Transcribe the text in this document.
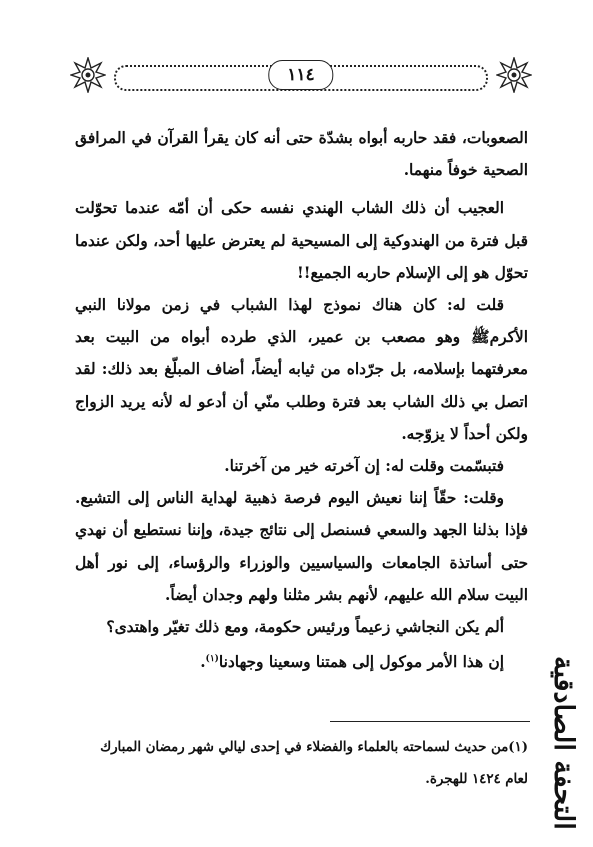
١١٤

الصعوبات، فقد حاربه أبواه بشدّة حتى أنه كان يقرأ القرآن في المرافق الصحية خوفاً منهما.

العجيب أن ذلك الشاب الهندي نفسه حكى أن أمّه عندما تحوّلت قبل فترة من الهندوكية إلى المسيحية لم يعترض عليها أحد، ولكن عندما تحوّل هو إلى الإسلام حاربه الجميع!!

قلت له: كان هناك نموذج لهذا الشباب في زمن مولانا النبي الأكرمﷺ وهو مصعب بن عمير، الذي طرده أبواه من البيت بعد معرفتهما بإسلامه، بل جرّداه من ثيابه أيضاً، أضاف المبلّغ بعد ذلك: لقد اتصل بي ذلك الشاب بعد فترة وطلب منّي أن أدعو له لأنه يريد الزواج ولكن أحداً لا يزوّجه.

فتبسّمت وقلت له: إن آخرته خير من آخرتنا.

وقلت: حقّاً إننا نعيش اليوم فرصة ذهبية لهداية الناس إلى التشيع. فإذا بذلنا الجهد والسعي فسنصل إلى نتائج جيدة، وإننا نستطيع أن نهدي حتى أساتذة الجامعات والسياسيين والوزراء والرؤساء، إلى نور أهل البيت سلام الله عليهم، لأنهم بشر مثلنا ولهم وجدان أيضاً.

ألم يكن النجاشي زعيماً ورئيس حكومة، ومع ذلك تغيّر واهتدى؟

إن هذا الأمر موكول إلى همتنا وسعينا وجهادنا$^{(١)}$.	التحفة الصادقية
(١)من حديث لسماحته بالعلماء والفضلاء في إحدى ليالي شهر رمضان المبارك لعام ١٤٢٤ للهجرة.
